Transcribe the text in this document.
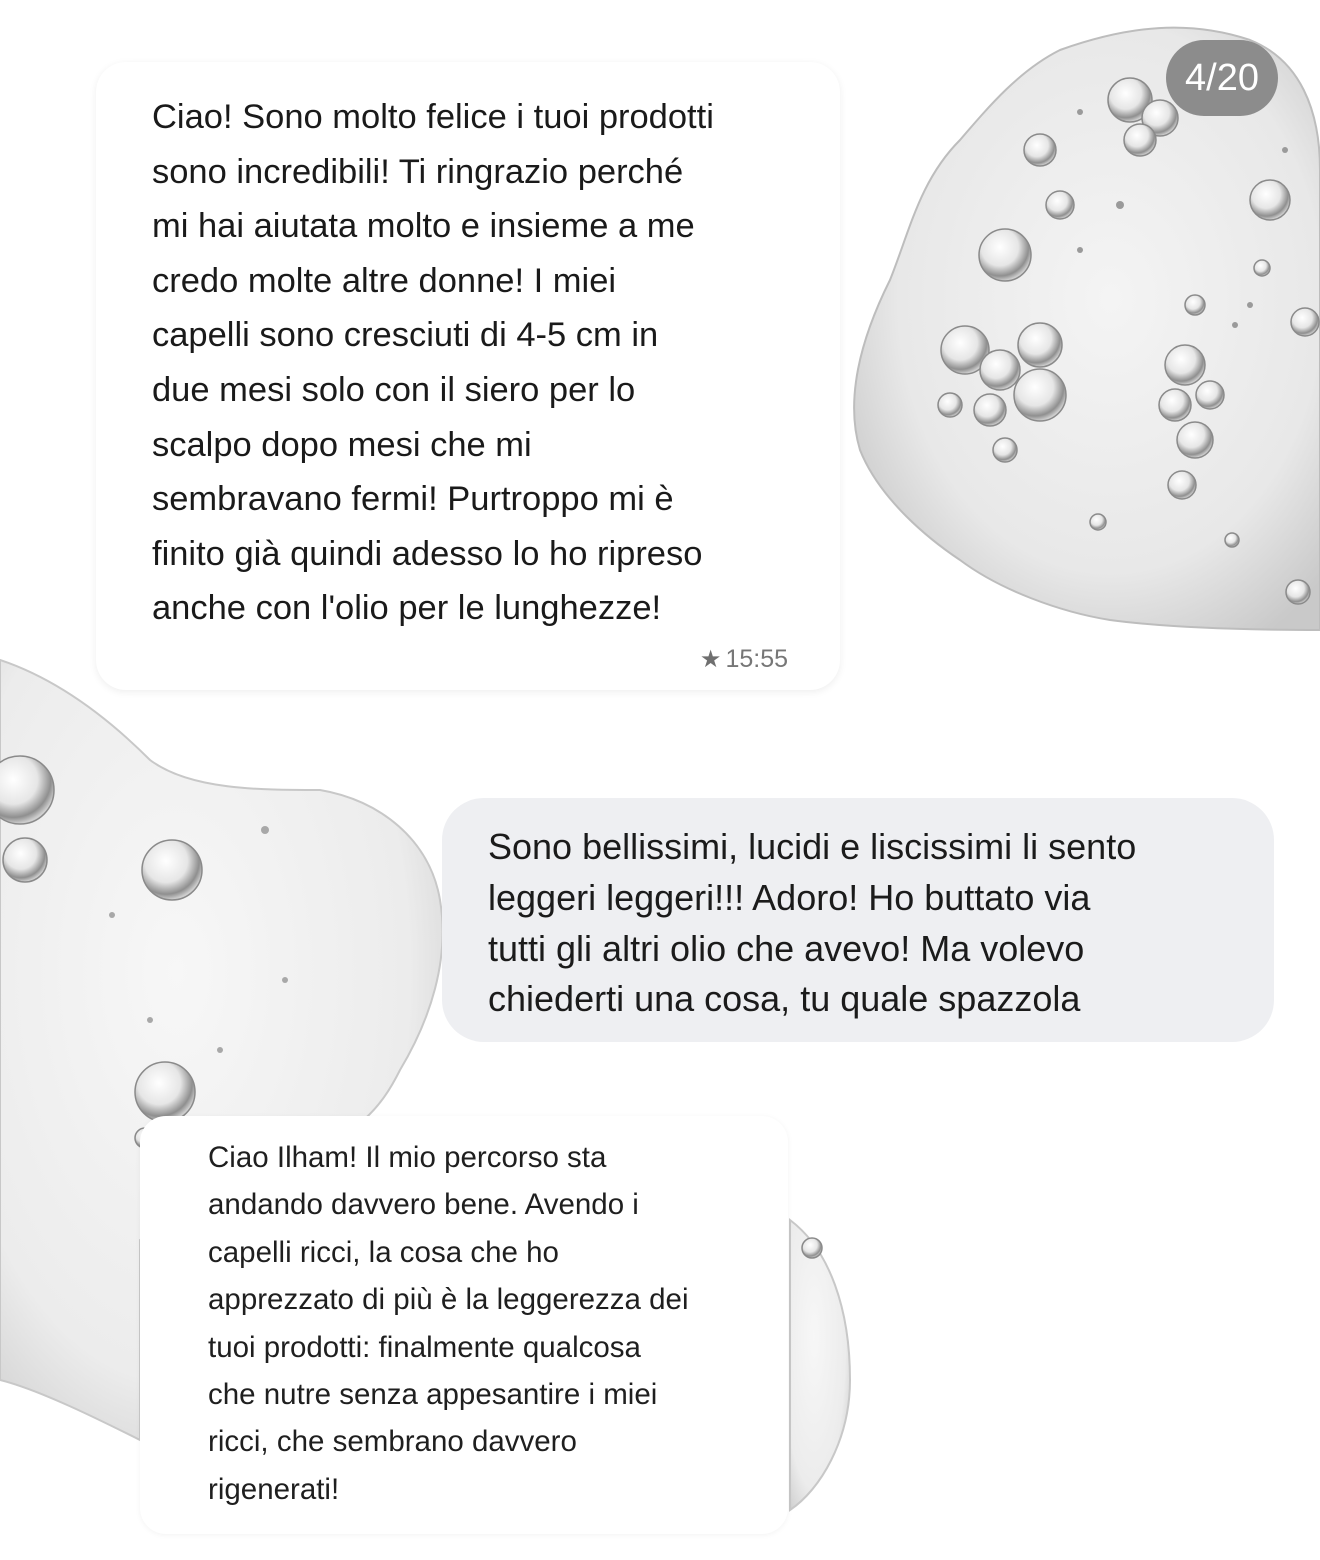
4/20
Ciao! Sono molto felice i tuoi prodotti
sono incredibili! Ti ringrazio perché
mi hai aiutata molto e insieme a me
credo molte altre donne! I miei
capelli sono cresciuti di 4-5 cm in
due mesi solo con il siero per lo
scalpo dopo mesi che mi
sembravano fermi! Purtroppo mi è
finito già quindi adesso lo ho ripreso
anche con l'olio per le lunghezze!
★ 15:55
Sono bellissimi, lucidi e liscissimi li sento
leggeri leggeri!!! Adoro! Ho buttato via
tutti gli altri olio che avevo! Ma volevo
chiederti una cosa, tu quale spazzola
Ciao Ilham! Il mio percorso sta
andando davvero bene. Avendo i
capelli ricci, la cosa che ho
apprezzato di più è la leggerezza dei
tuoi prodotti: finalmente qualcosa
che nutre senza appesantire i miei
ricci, che sembrano davvero
rigenerati!
